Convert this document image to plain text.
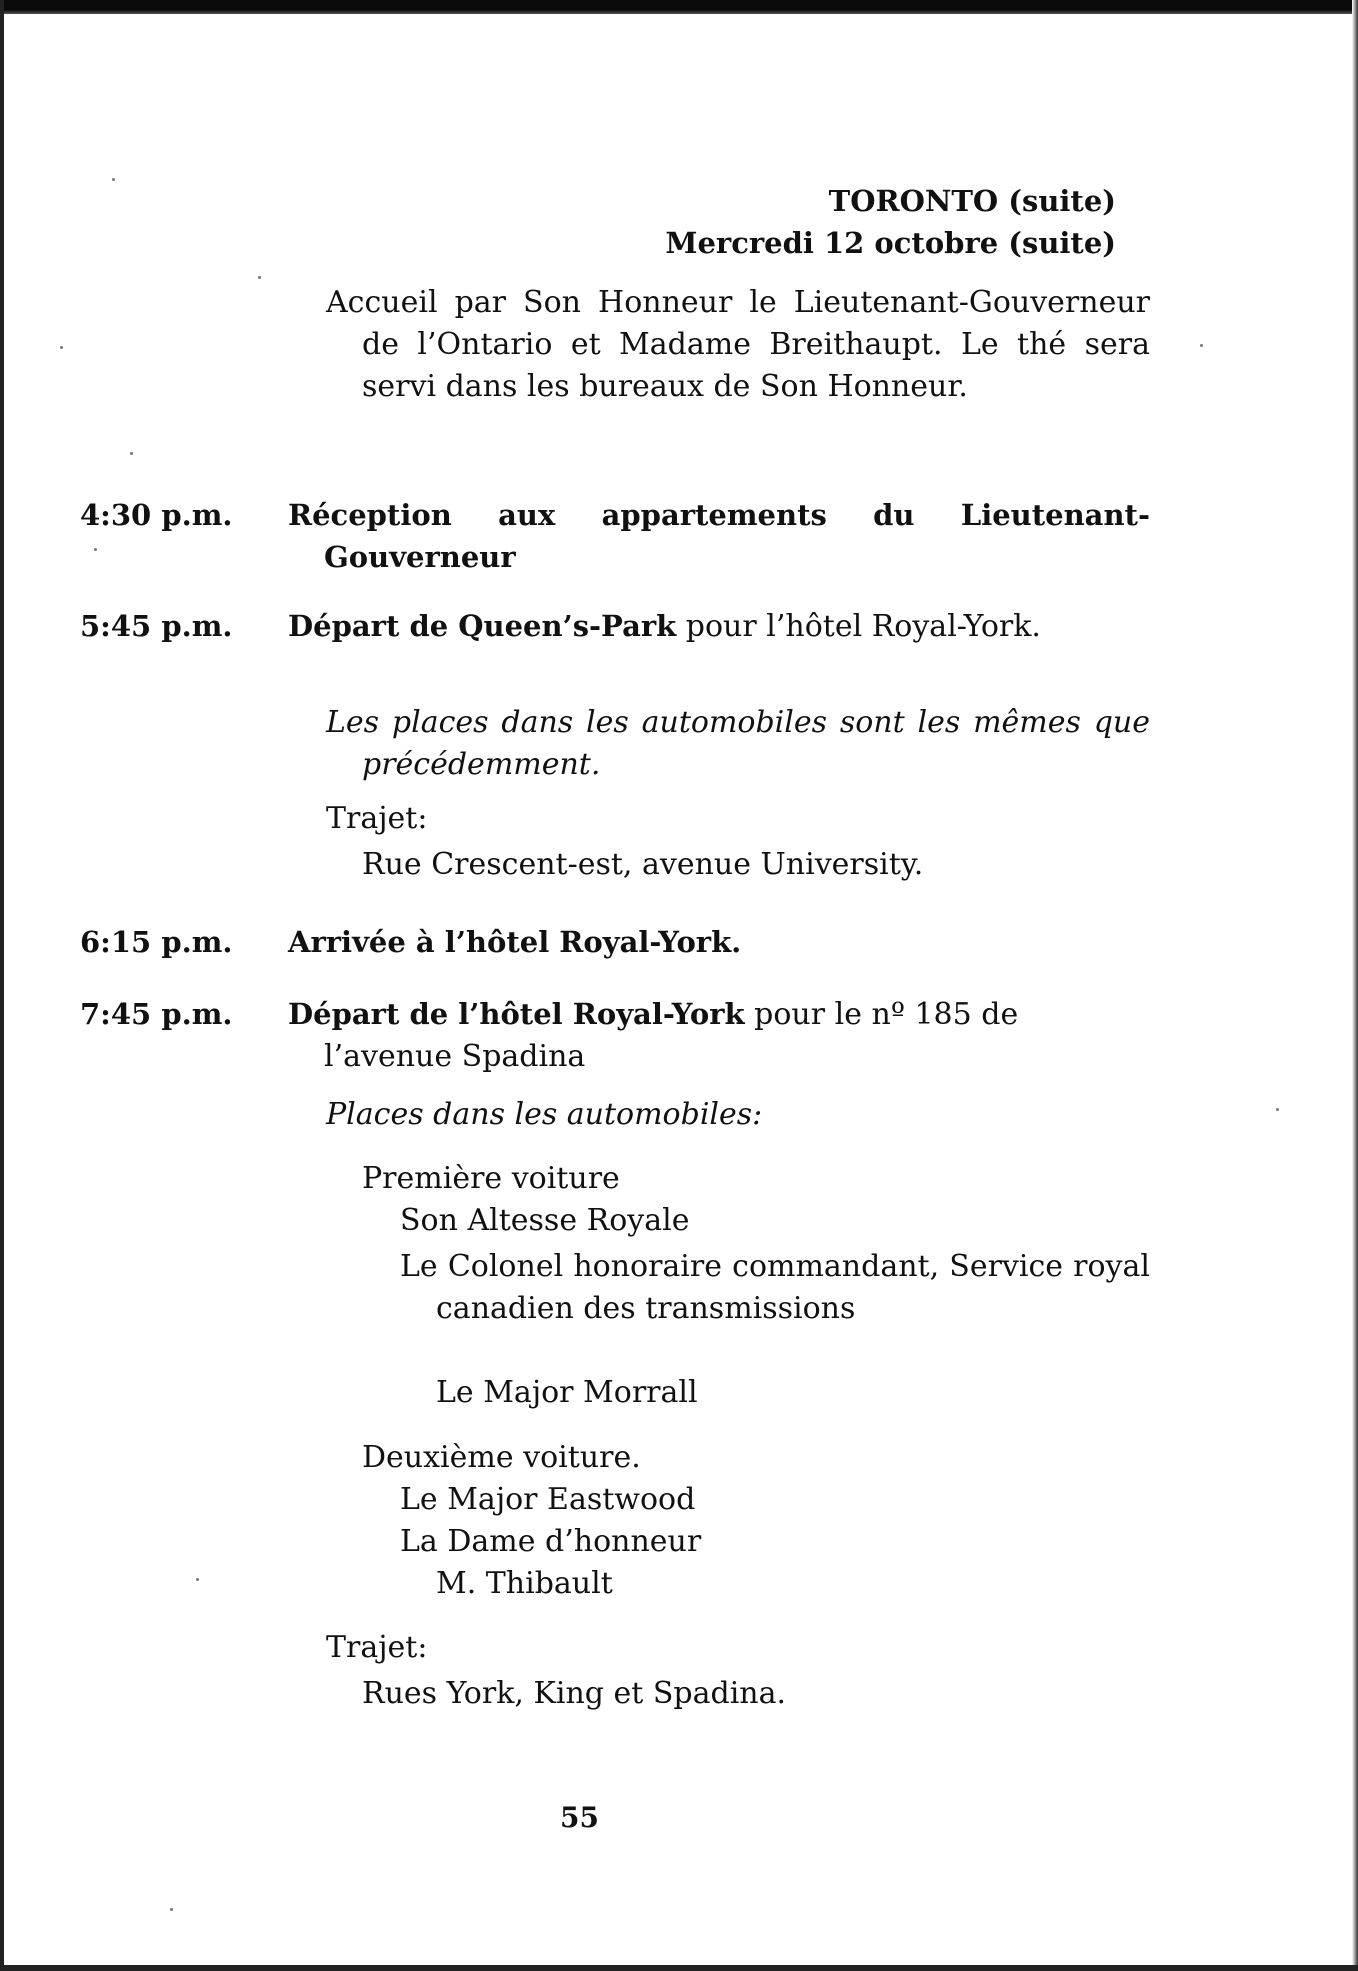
TORONTO (suite)
Mercredi 12 octobre (suite)
Accueil par Son Honneur le Lieutenant-Gouverneur de l’Ontario et Madame Breithaupt. Le thé sera servi dans les bureaux de Son Honneur.
4:30 p.m. Réception aux appartements du Lieutenant-Gouverneur
5:45 p.m. Départ de Queen’s-Park pour l’hôtel Royal-York.
Les places dans les automobiles sont les mêmes que précédemment.
Trajet:
Rue Crescent-est, avenue University.
6:15 p.m. Arrivée à l’hôtel Royal-York.
7:45 p.m. Départ de l’hôtel Royal-York pour le nº 185 de l’avenue Spadina
Places dans les automobiles:
Première voiture
Son Altesse Royale
Le Colonel honoraire commandant, Service royal canadien des transmissions
Le Major Morrall
Deuxième voiture.
Le Major Eastwood
La Dame d’honneur
M. Thibault
Trajet:
Rues York, King et Spadina.
55
